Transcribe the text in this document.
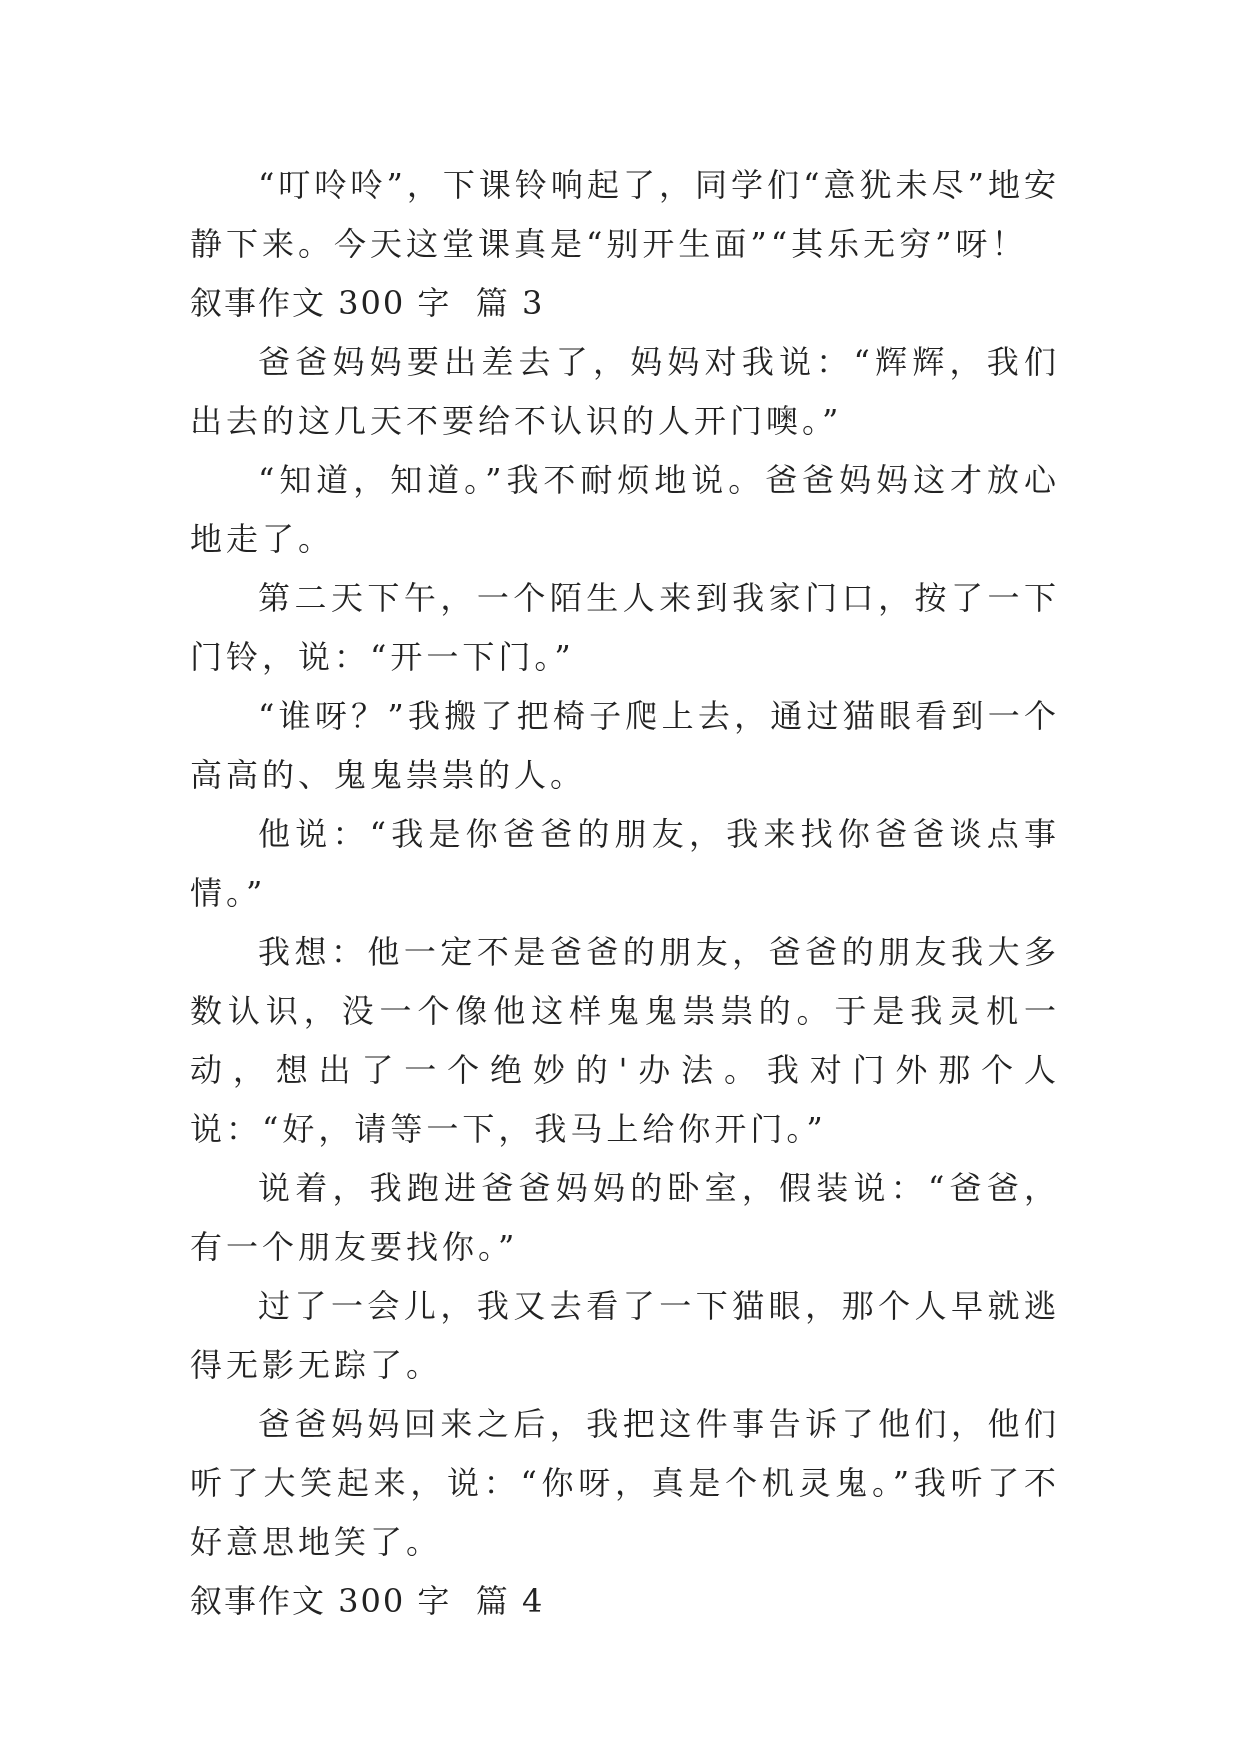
“叮呤呤”，下课铃响起了，同学们“意犹未尽”地安静下来。今天这堂课真是“别开生面”“其乐无穷”呀！

叙事作文 300 字  篇 3

爸爸妈妈要出差去了，妈妈对我说：“辉辉，我们出去的这几天不要给不认识的人开门噢。”

“知道，知道。”我不耐烦地说。爸爸妈妈这才放心地走了。

第二天下午，一个陌生人来到我家门口，按了一下门铃，说：“开一下门。”

“谁呀？”我搬了把椅子爬上去，通过猫眼看到一个高高的、鬼鬼祟祟的人。

他说：“我是你爸爸的朋友，我来找你爸爸谈点事情。”

我想：他一定不是爸爸的朋友，爸爸的朋友我大多数认识，没一个像他这样鬼鬼祟祟的。于是我灵机一动，想出了一个绝妙的'办法。我对门外那个人说：“好，请等一下，我马上给你开门。”

说着，我跑进爸爸妈妈的卧室，假装说：“爸爸，有一个朋友要找你。”

过了一会儿，我又去看了一下猫眼，那个人早就逃得无影无踪了。

爸爸妈妈回来之后，我把这件事告诉了他们，他们听了大笑起来，说：“你呀，真是个机灵鬼。”我听了不好意思地笑了。

叙事作文 300 字  篇 4
